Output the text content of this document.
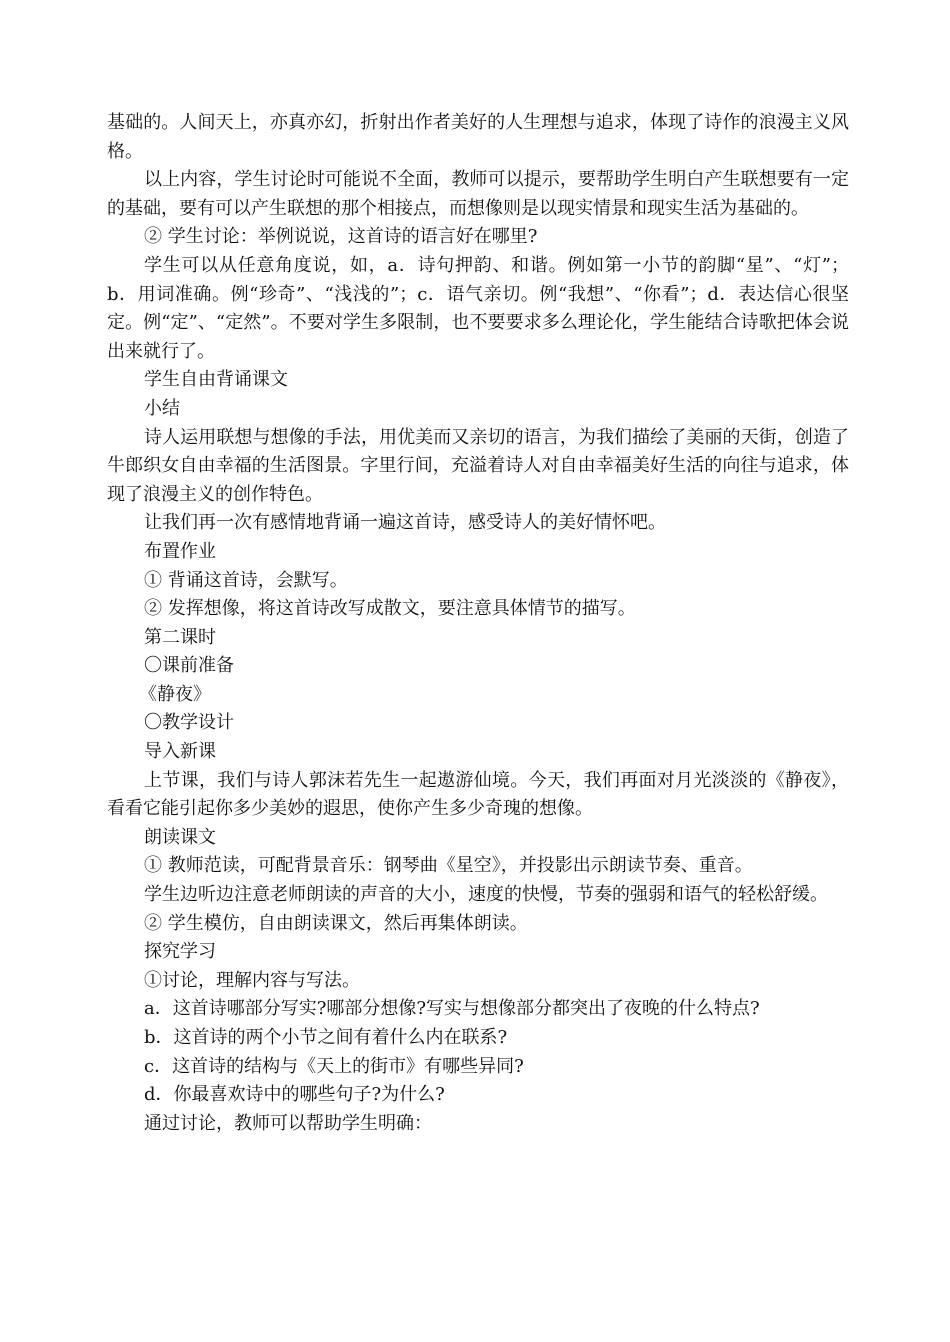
基础的。人间天上，亦真亦幻，折射出作者美好的人生理想与追求，体现了诗作的浪漫主义风格。

以上内容，学生讨论时可能说不全面，教师可以提示，要帮助学生明白产生联想要有一定的基础，要有可以产生联想的那个相接点，而想像则是以现实情景和现实生活为基础的。

② 学生讨论：举例说说，这首诗的语言好在哪里?

学生可以从任意角度说，如，a．诗句押韵、和谐。例如第一小节的韵脚“星”、“灯”；b．用词准确。例“珍奇”、“浅浅的”；c．语气亲切。例“我想”、“你看”；d．表达信心很坚定。例“定”、“定然”。不要对学生多限制，也不要要求多么理论化，学生能结合诗歌把体会说出来就行了。

学生自由背诵课文

小结

诗人运用联想与想像的手法，用优美而又亲切的语言，为我们描绘了美丽的天街，创造了牛郎织女自由幸福的生活图景。字里行间，充溢着诗人对自由幸福美好生活的向往与追求，体现了浪漫主义的创作特色。

让我们再一次有感情地背诵一遍这首诗，感受诗人的美好情怀吧。

布置作业

① 背诵这首诗，会默写。

② 发挥想像，将这首诗改写成散文，要注意具体情节的描写。

第二课时

〇课前准备

《静夜》

〇教学设计

导入新课

上节课，我们与诗人郭沫若先生一起遨游仙境。今天，我们再面对月光淡淡的《静夜》，看看它能引起你多少美妙的遐思，使你产生多少奇瑰的想像。

朗读课文

① 教师范读，可配背景音乐：钢琴曲《星空》，并投影出示朗读节奏、重音。

学生边听边注意老师朗读的声音的大小，速度的快慢，节奏的强弱和语气的轻松舒缓。

② 学生模仿，自由朗读课文，然后再集体朗读。

探究学习

①讨论，理解内容与写法。

a．这首诗哪部分写实?哪部分想像?写实与想像部分都突出了夜晚的什么特点?

b．这首诗的两个小节之间有着什么内在联系?

c．这首诗的结构与《天上的街市》有哪些异同?

d．你最喜欢诗中的哪些句子?为什么?

通过讨论，教师可以帮助学生明确：
